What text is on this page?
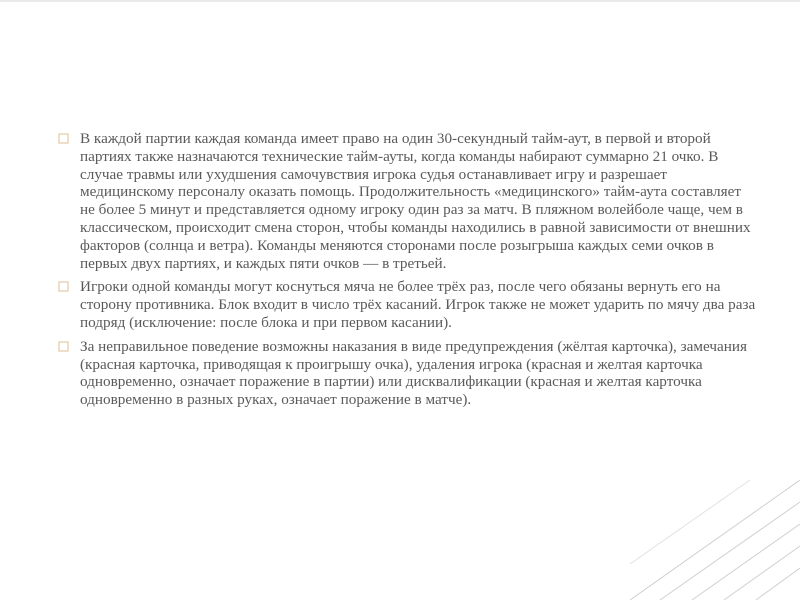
В каждой партии каждая команда имеет право на один 30-секундный тайм-аут, в первой и второй партиях также назначаются технические тайм-ауты, когда команды набирают суммарно 21 очко. В случае травмы или ухудшения самочувствия игрока судья останавливает игру и разрешает медицинскому персоналу оказать помощь. Продолжительность «медицинского» тайм-аута составляет не более 5 минут и представляется одному игроку один раз за матч. В пляжном волейболе чаще, чем в классическом, происходит смена сторон, чтобы команды находились в равной зависимости от внешних факторов (солнца и ветра). Команды меняются сторонами после розыгрыша каждых семи очков в первых двух партиях, и каждых пяти очков — в третьей.
Игроки одной команды могут коснуться мяча не более трёх раз, после чего обязаны вернуть его на сторону противника. Блок входит в число трёх касаний. Игрок также не может ударить по мячу два раза подряд (исключение: после блока и при первом касании).
За неправильное поведение возможны наказания в виде предупреждения (жёлтая карточка), замечания (красная карточка, приводящая к проигрышу очка), удаления игрока (красная и желтая карточка одновременно, означает поражение в партии) или дисквалификации (красная и желтая карточка одновременно в разных руках, означает поражение в матче).
